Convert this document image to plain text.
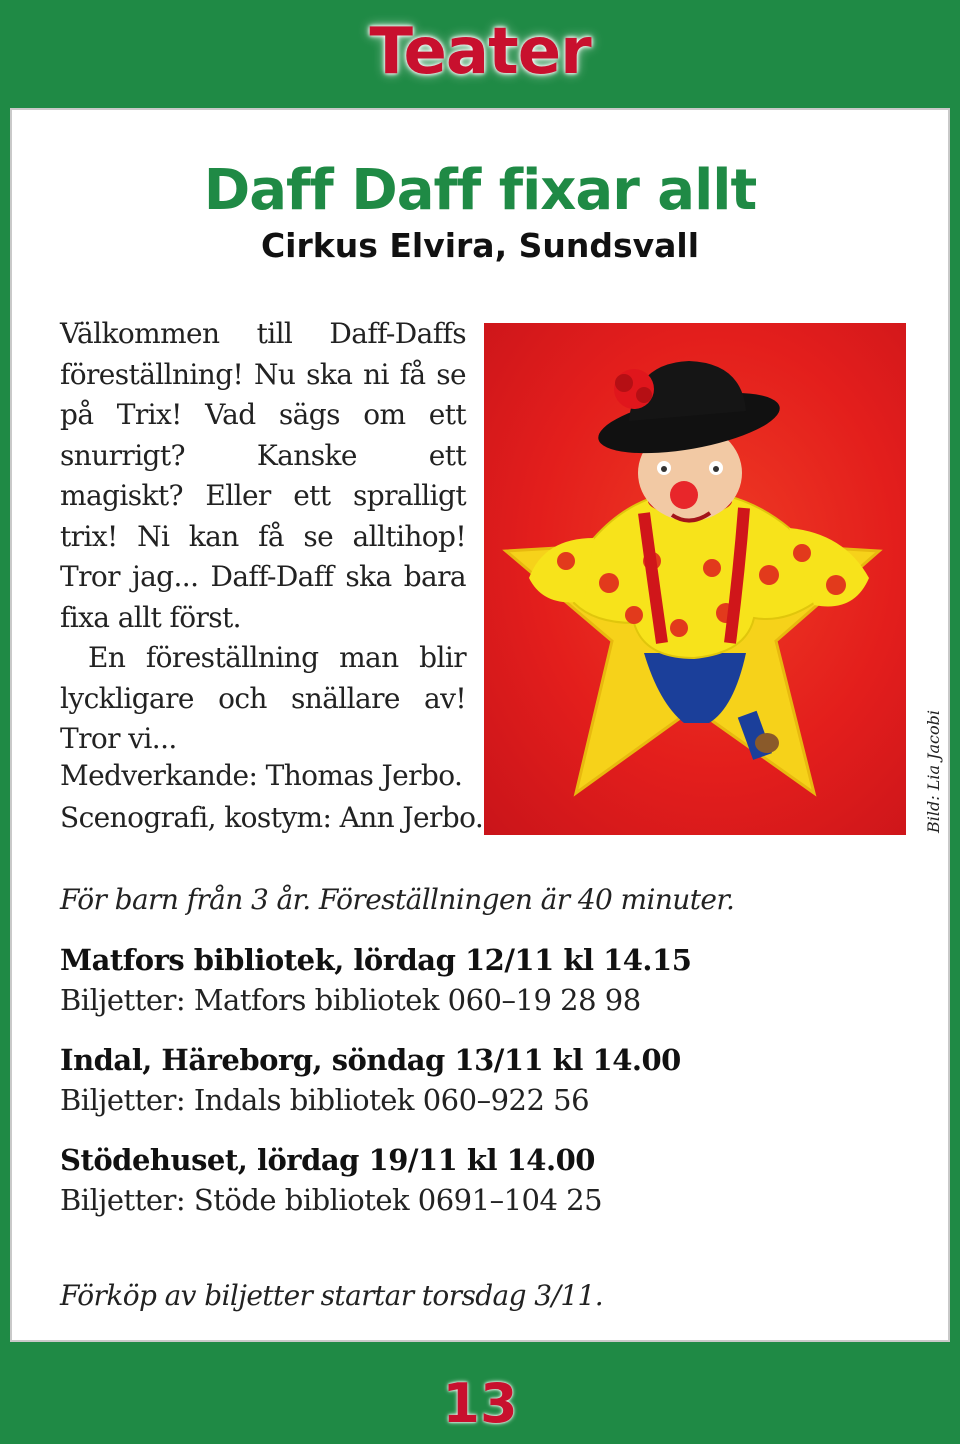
Teater
Daff Daff fixar allt
Cirkus Elvira, Sundsvall

Välkommen till Daff-Daffs föreställning! Nu ska ni få se på Trix! Vad sägs om ett snurrigt? Kanske ett magiskt? Eller ett spralligt trix! Ni kan få se alltihop! Tror jag... Daff-Daff ska bara fixa allt först.

En föreställning man blir lyckligare och snällare av! Tror vi...

Medverkande: Thomas Jerbo.
Scenografi, kostym: Ann Jerbo.	Bild: Lia Jacobi
För barn från 3 år. Föreställningen är 40 minuter.
Matfors bibliotek, lördag 12/11 kl 14.15
Biljetter: Matfors bibliotek 060–19 28 98
Indal, Häreborg, söndag 13/11 kl 14.00
Biljetter: Indals bibliotek 060–922 56
Stödehuset, lördag 19/11 kl 14.00
Biljetter: Stöde bibliotek 0691–104 25
Förköp av biljetter startar torsdag 3/11.
13
